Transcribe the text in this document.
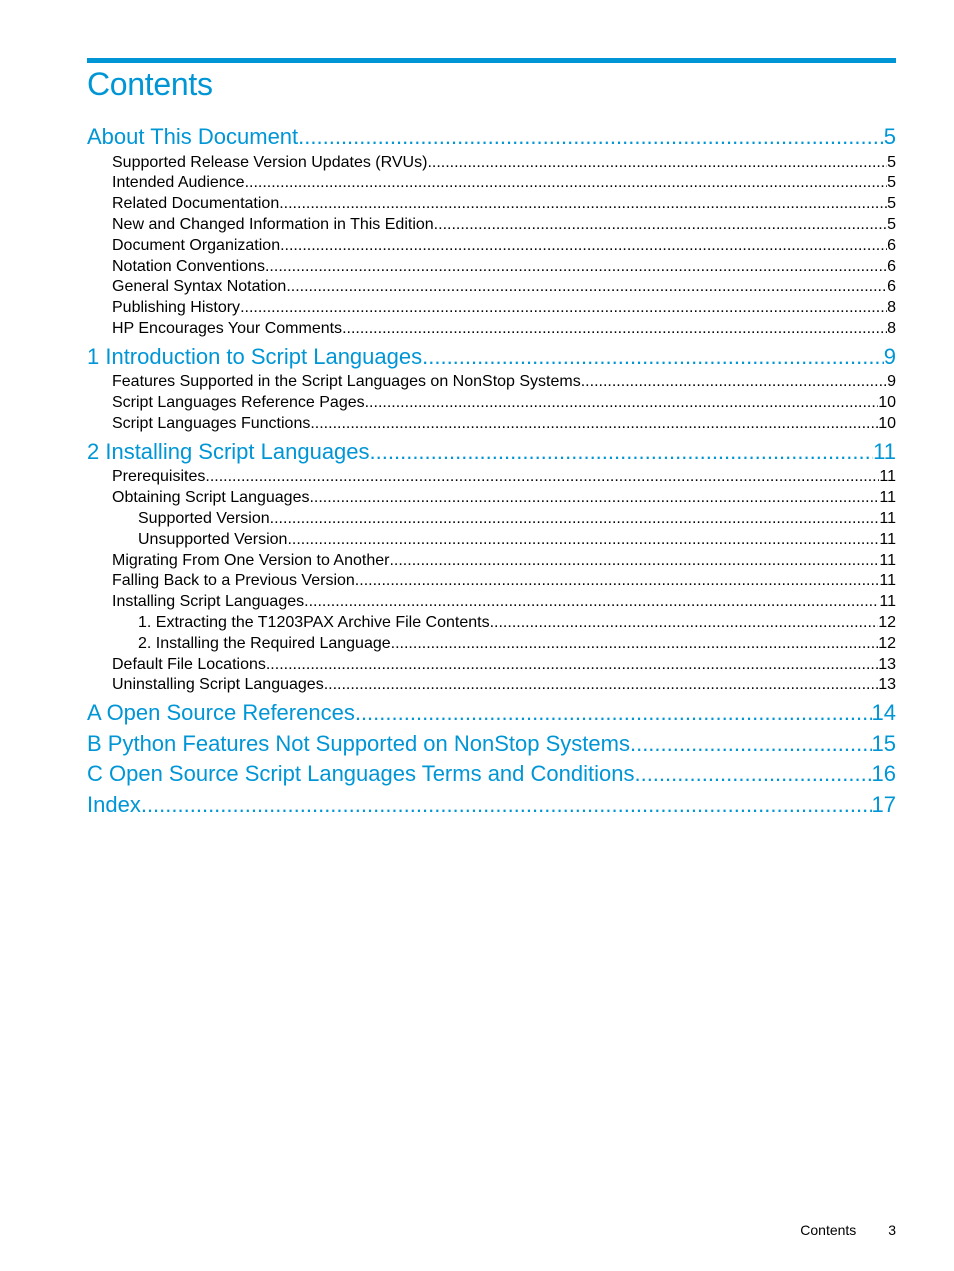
Contents
About This Document .....	5
Supported Release Version Updates (RVUs) .....	5
Intended Audience .....	5
Related Documentation .....	5
New and Changed Information in This Edition .....	5
Document Organization .....	6
Notation Conventions .....	6
General Syntax Notation .....	6
Publishing History .....	8
HP Encourages Your Comments .....	8
1 Introduction to Script Languages .....	9
Features Supported in the Script Languages on NonStop Systems .....	9
Script Languages Reference Pages .....	10
Script Languages Functions .....	10
2 Installing Script Languages .....	11
Prerequisites .....	11
Obtaining Script Languages .....	11
Supported Version .....	11
Unsupported Version .....	11
Migrating From One Version to Another .....	11
Falling Back to a Previous Version .....	11
Installing Script Languages .....	11
1. Extracting the T1203PAX Archive File Contents .....	12
2. Installing the Required Language .....	12
Default File Locations .....	13
Uninstalling Script Languages .....	13
A Open Source References .....	14
B Python Features Not Supported on NonStop Systems .....	15
C Open Source Script Languages Terms and Conditions .....	16
Index .....	17
Contents 3
